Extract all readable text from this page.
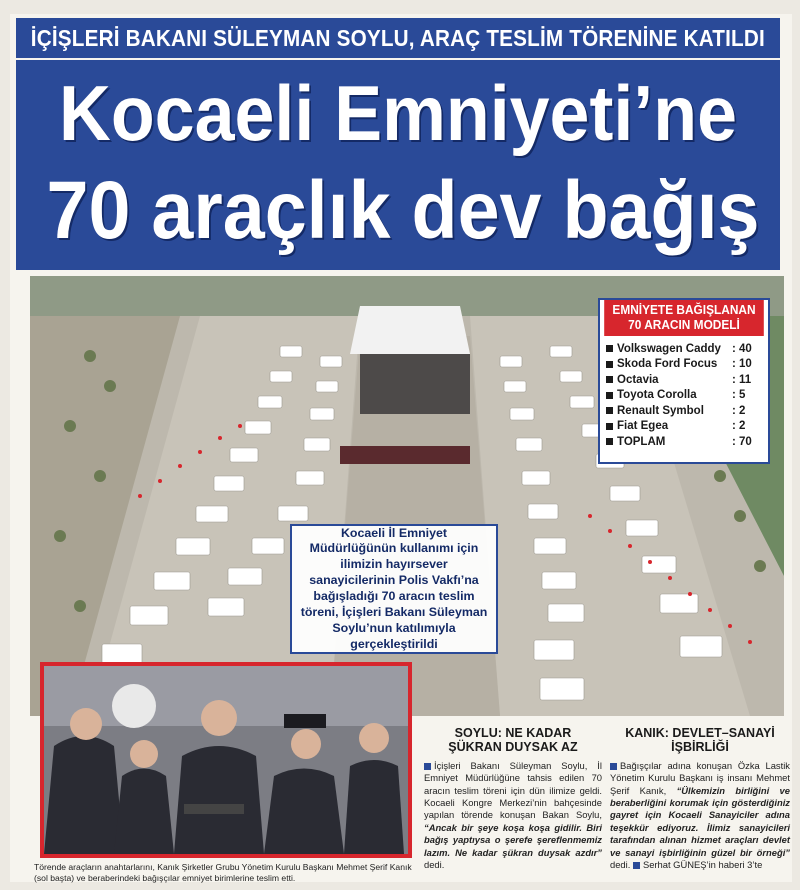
İÇİŞLERİ BAKANI SÜLEYMAN SOYLU, ARAÇ TESLİM TÖRENİNE KATILDI
Kocaeli Emniyeti’ne
70 araçlık dev bağış
EMNİYETE BAĞIŞLANAN
70 ARACIN MODELİ
Volkswagen Caddy : 40
Skoda Ford Focus	: 10
Octavia	: 11
Toyota Corolla	: 5
Renault Symbol	: 2
Fiat Egea	: 2
TOPLAM	: 70

Kocaeli İl Emniyet Müdürlüğünün kullanımı için ilimizin hayırsever sanayicilerinin Polis Vakfı’na bağışladığı 70 aracın teslim töreni, İçişleri Bakanı Süleyman Soylu’nun katılımıyla gerçekleştirildi

Törende araçların anahtarlarını, Kanık Şirketler Grubu Yönetim Kurulu Başkanı Mehmet Şerif Kanık (sol başta) ve beraberindeki bağışçılar emniyet birimlerine teslim etti.
SOYLU: NE KADAR
ŞÜKRAN DUYSAK AZ
İçişleri Bakanı Süleyman Soylu, İl Emniyet Müdürlüğüne tahsis edilen 70 aracın teslim töreni için dün ilimize geldi. Kocaeli Kongre Merkezi’nin bahçesinde yapılan törende konuşan Bakan Soylu, “Ancak bir şeye koşa koşa gidilir. Biri bağış yaptıysa o şerefe şereflenmemiz lazım. Ne kadar şükran duysak azdır” dedi.
KANIK: DEVLET–SANAYİ
İŞBİRLİĞİ
Bağışçılar adına konuşan Özka Lastik Yönetim Kurulu Başkanı iş insanı Mehmet Şerif Kanık, “Ülkemizin birliğini ve beraberliğini korumak için gösterdiğiniz gayret için Kocaeli Sanayiciler adına teşekkür ediyoruz. İlimiz sanayicileri tarafından alınan hizmet araçları devlet ve sanayi işbirliğinin güzel bir örneği” dedi. Serhat GÜNEŞ’in haberi 3’te
